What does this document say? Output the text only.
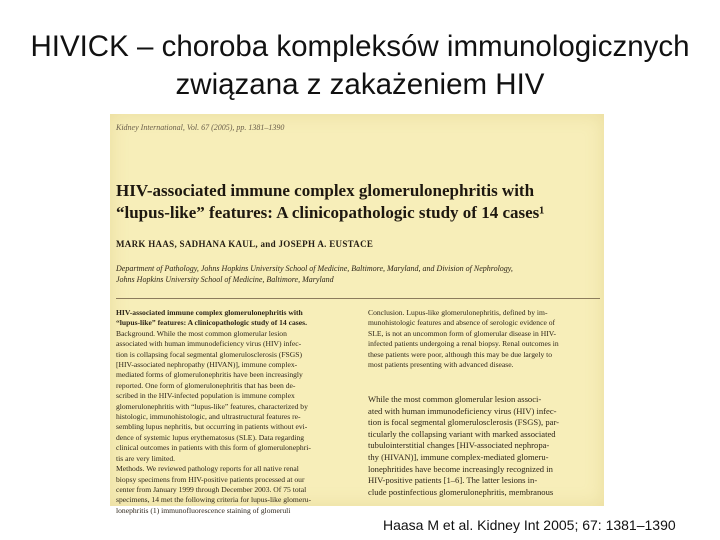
HIVICK – choroba kompleksów immunologicznych
związana z zakażeniem HIV
Kidney International, Vol. 67 (2005), pp. 1381–1390
HIV-associated immune complex glomerulonephritis with
“lupus-like” features: A clinicopathologic study of 14 cases¹
MARK HAAS, SADHANA KAUL, and JOSEPH A. EUSTACE
Department of Pathology, Johns Hopkins University School of Medicine, Baltimore, Maryland, and Division of Nephrology,
Johns Hopkins University School of Medicine, Baltimore, Maryland
HIV-associated immune complex glomerulonephritis with
“lupus-like” features: A clinicopathologic study of 14 cases.
Background. While the most common glomerular lesion
associated with human immunodeficiency virus (HIV) infec-
tion is collapsing focal segmental glomerulosclerosis (FSGS)
[HIV-associated nephropathy (HIVAN)], immune complex-
mediated forms of glomerulonephritis have been increasingly
reported. One form of glomerulonephritis that has been de-
scribed in the HIV-infected population is immune complex
glomerulonephritis with “lupus-like” features, characterized by
histologic, immunohistologic, and ultrastructural features re-
sembling lupus nephritis, but occurring in patients without evi-
dence of systemic lupus erythematosus (SLE). Data regarding
clinical outcomes in patients with this form of glomerulonephri-
tis are very limited.
Methods. We reviewed pathology reports for all native renal
biopsy specimens from HIV-positive patients processed at our
center from January 1999 through December 2003. Of 75 total
specimens, 14 met the following criteria for lupus-like glomeru-
lonephritis (1) immunofluorescence staining of glomeruli
Conclusion. Lupus-like glomerulonephritis, defined by im-
munohistologic features and absence of serologic evidence of
SLE, is not an uncommon form of glomerular disease in HIV-
infected patients undergoing a renal biopsy. Renal outcomes in
these patients were poor, although this may be due largely to
most patients presenting with advanced disease.
While the most common glomerular lesion associ-
ated with human immunodeficiency virus (HIV) infec-
tion is focal segmental glomerulosclerosis (FSGS), par-
ticularly the collapsing variant with marked associated
tubulointerstitial changes [HIV-associated nephropa-
thy (HIVAN)], immune complex-mediated glomeru-
lonephritides have become increasingly recognized in
HIV-positive patients [1–6]. The latter lesions in-
clude postinfectious glomerulonephritis, membranous
Haasa M et al. Kidney Int 2005; 67: 1381–1390
